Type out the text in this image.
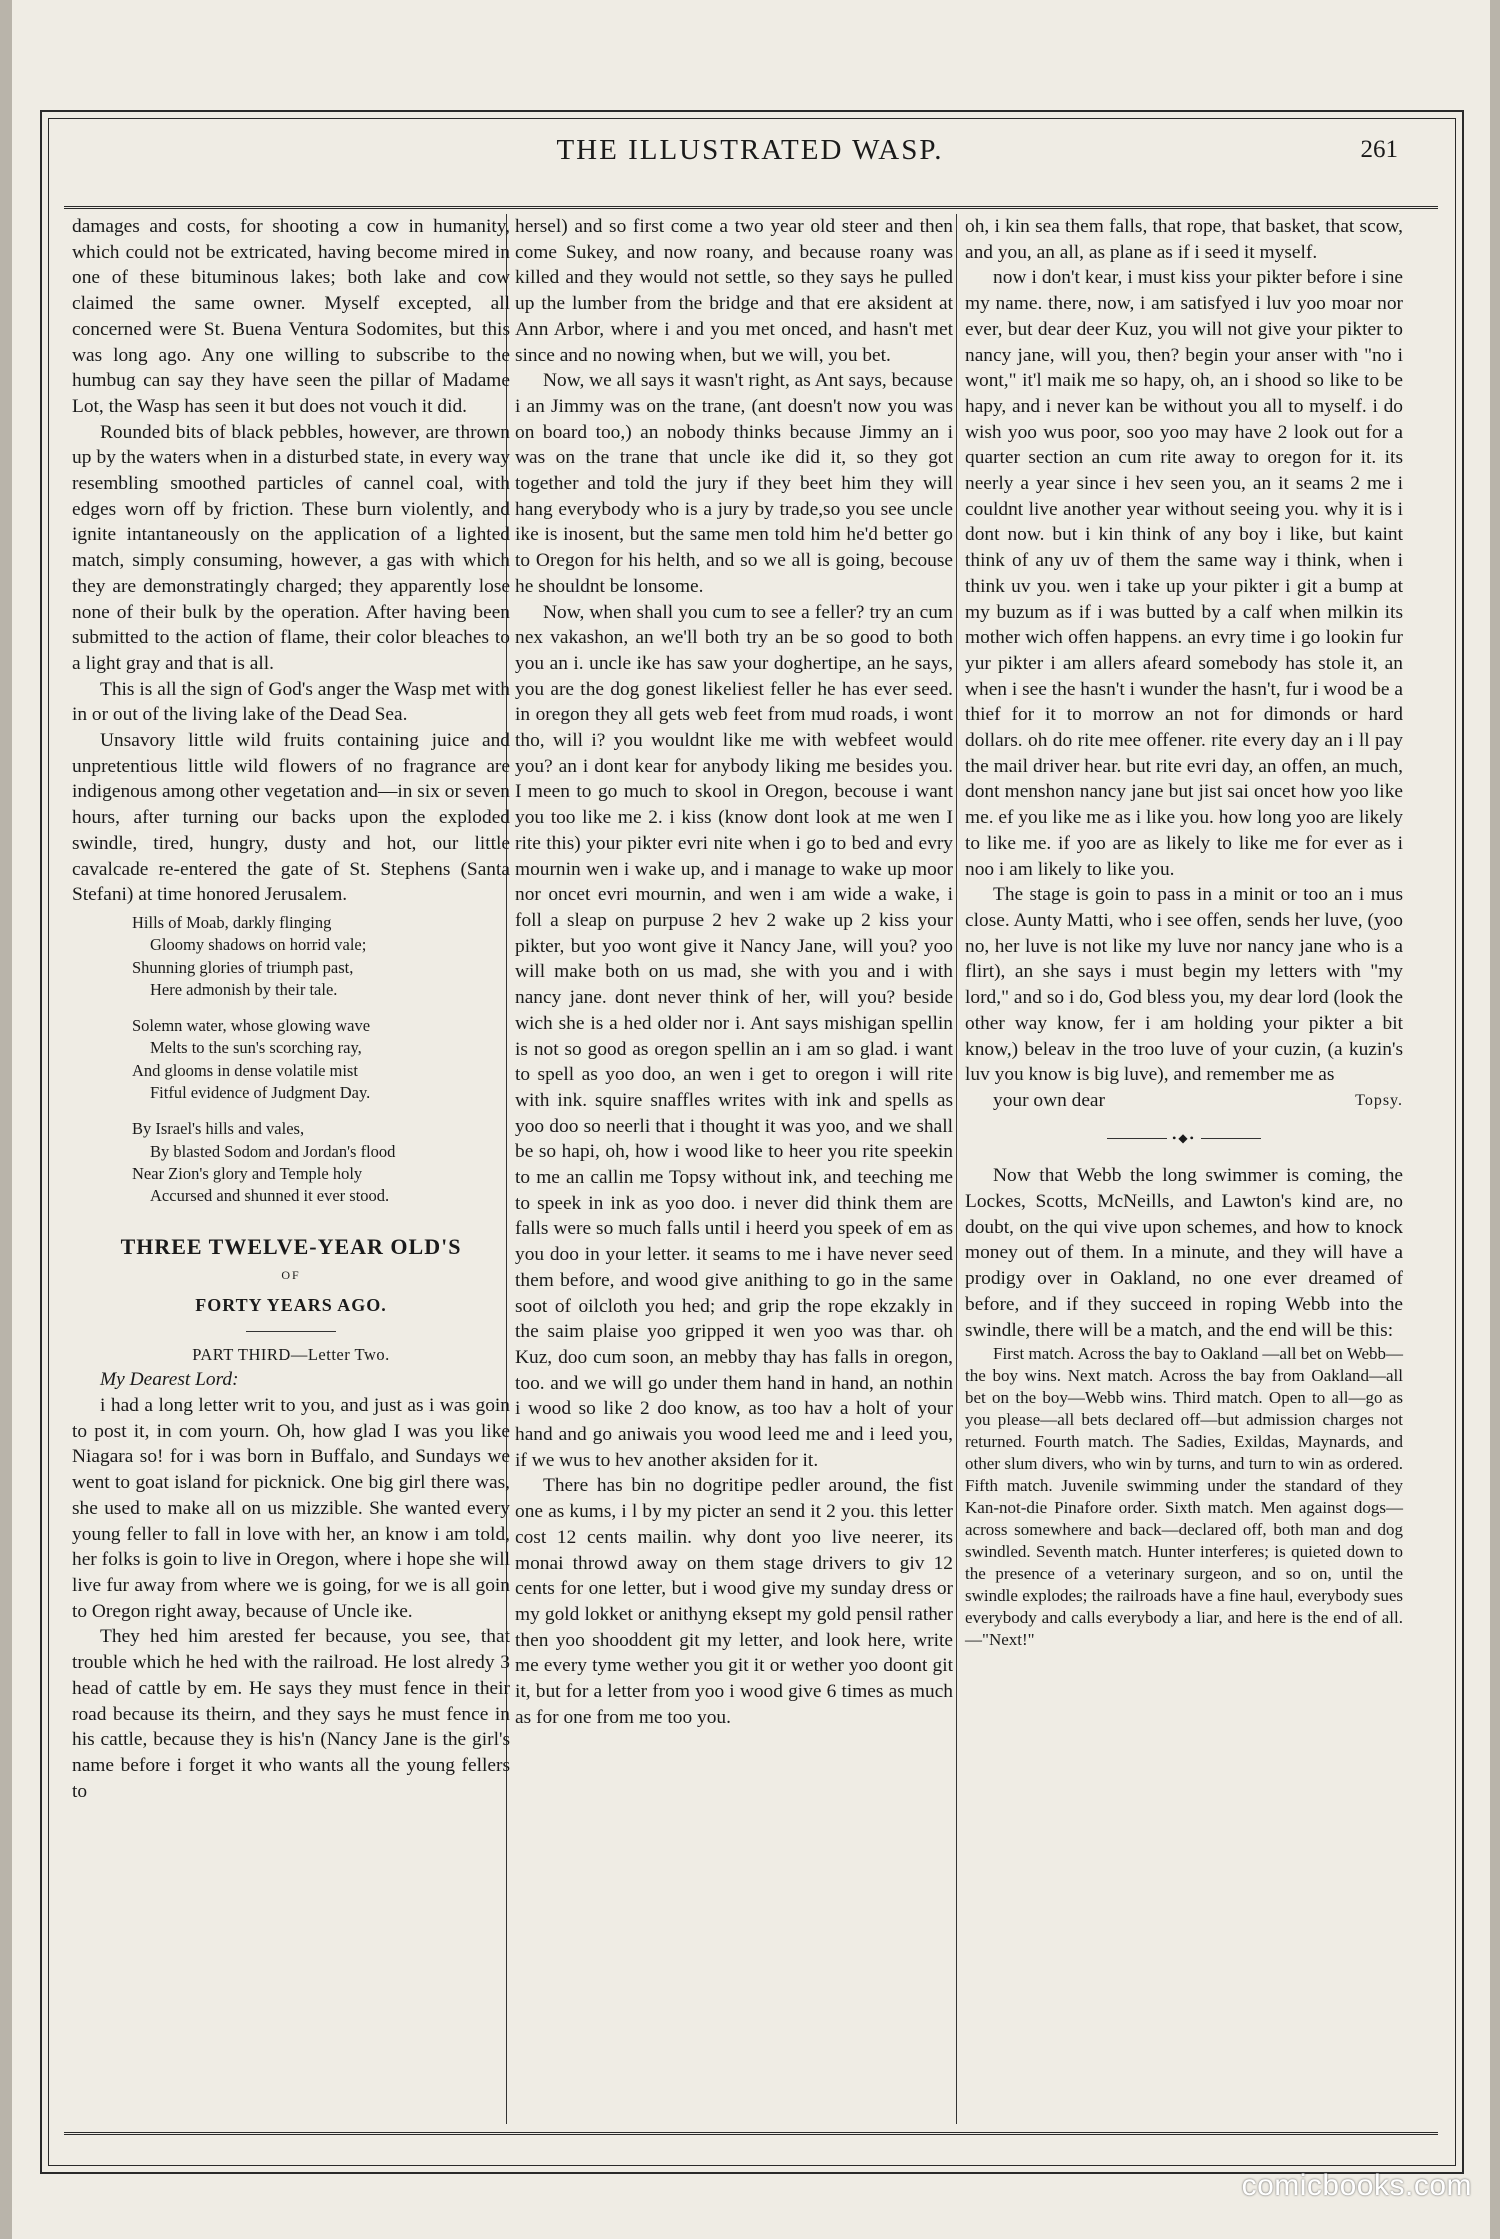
THE ILLUSTRATED WASP.	261

damages and costs, for shooting a cow in humanity, which could not be extricated, having become mired in one of these bituminous lakes; both lake and cow claimed the same owner. Myself excepted, all concerned were St. Buena Ventura Sodomites, but this was long ago. Any one willing to subscribe to the humbug can say they have seen the pillar of Madame Lot, the Wasp has seen it but does not vouch it did.

Rounded bits of black pebbles, however, are thrown up by the waters when in a disturbed state, in every way resembling smoothed particles of cannel coal, with edges worn off by friction. These burn violently, and ignite intantaneously on the application of a lighted match, simply consuming, however, a gas with which they are demonstratingly charged; they apparently lose none of their bulk by the operation. After having been submitted to the action of flame, their color bleaches to a light gray and that is all.

This is all the sign of God's anger the Wasp met with in or out of the living lake of the Dead Sea.

Unsavory little wild fruits containing juice and unpretentious little wild flowers of no fragrance are indigenous among other vegetation and—in six or seven hours, after turning our backs upon the exploded swindle, tired, hungry, dusty and hot, our little cavalcade re-entered the gate of St. Stephens (Santa Stefani) at time honored Jerusalem.

Hills of Moab, darkly flinging
Gloomy shadows on horrid vale;
Shunning glories of triumph past,
Here admonish by their tale.
Solemn water, whose glowing wave
Melts to the sun's scorching ray,
And glooms in dense volatile mist
Fitful evidence of Judgment Day.
By Israel's hills and vales,
By blasted Sodom and Jordan's flood
Near Zion's glory and Temple holy
Accursed and shunned it ever stood.
THREE TWELVE-YEAR OLD'S
OF
FORTY YEARS AGO.
PART THIRD—Letter Two.

My Dearest Lord:

i had a long letter writ to you, and just as i was goin to post it, in com yourn. Oh, how glad I was you like Niagara so! for i was born in Buffalo, and Sundays we went to goat island for picknick. One big girl there was, she used to make all on us mizzible. She wanted every young feller to fall in love with her, an know i am told, her folks is goin to live in Oregon, where i hope she will live fur away from where we is going, for we is all goin to Oregon right away, because of Uncle ike.

They hed him arested fer because, you see, that trouble which he hed with the railroad. He lost alredy 3 head of cattle by em. He says they must fence in their road because its theirn, and they says he must fence in his cattle, because they is his'n (Nancy Jane is the girl's name before i forget it who wants all the young fellers to

hersel) and so first come a two year old steer and then come Sukey, and now roany, and because roany was killed and they would not settle, so they says he pulled up the lumber from the bridge and that ere aksident at Ann Arbor, where i and you met onced, and hasn't met since and no nowing when, but we will, you bet.

Now, we all says it wasn't right, as Ant says, because i an Jimmy was on the trane, (ant doesn't now you was on board too,) an nobody thinks because Jimmy an i was on the trane that uncle ike did it, so they got together and told the jury if they beet him they will hang everybody who is a jury by trade,so you see uncle ike is inosent, but the same men told him he'd better go to Oregon for his helth, and so we all is going, becouse he shouldnt be lonsome.

Now, when shall you cum to see a feller? try an cum nex vakashon, an we'll both try an be so good to both you an i. uncle ike has saw your doghertipe, an he says, you are the dog gonest likeliest feller he has ever seed. in oregon they all gets web feet from mud roads, i wont tho, will i? you wouldnt like me with webfeet would you? an i dont kear for anybody liking me besides you. I meen to go much to skool in Oregon, becouse i want you too like me 2. i kiss (know dont look at me wen I rite this) your pikter evri nite when i go to bed and evry mournin wen i wake up, and i manage to wake up moor nor oncet evri mournin, and wen i am wide a wake, i foll a sleap on purpuse 2 hev 2 wake up 2 kiss your pikter, but yoo wont give it Nancy Jane, will you? yoo will make both on us mad, she with you and i with nancy jane. dont never think of her, will you? beside wich she is a hed older nor i. Ant says mishigan spellin is not so good as oregon spellin an i am so glad. i want to spell as yoo doo, an wen i get to oregon i will rite with ink. squire snaffles writes with ink and spells as yoo doo so neerli that i thought it was yoo, and we shall be so hapi, oh, how i wood like to heer you rite speekin to me an callin me Topsy without ink, and teeching me to speek in ink as yoo doo. i never did think them are falls were so much falls until i heerd you speek of em as you doo in your letter. it seams to me i have never seed them before, and wood give anithing to go in the same soot of oilcloth you hed; and grip the rope ekzakly in the saim plaise yoo gripped it wen yoo was thar. oh Kuz, doo cum soon, an mebby thay has falls in oregon, too. and we will go under them hand in hand, an nothin i wood so like 2 doo know, as too hav a holt of your hand and go aniwais you wood leed me and i leed you, if we wus to hev another aksiden for it.

There has bin no dogritipe pedler around, the fist one as kums, i l by my picter an send it 2 you. this letter cost 12 cents mailin. why dont yoo live neerer, its monai throwd away on them stage drivers to giv 12 cents for one letter, but i wood give my sunday dress or my gold lokket or anithyng eksept my gold pensil rather then yoo shooddent git my letter, and look here, write me every tyme wether you git it or wether yoo doont git it, but for a letter from yoo i wood give 6 times as much as for one from me too you.

oh, i kin sea them falls, that rope, that basket, that scow, and you, an all, as plane as if i seed it myself.

now i don't kear, i must kiss your pikter before i sine my name. there, now, i am satisfyed i luv yoo moar nor ever, but dear deer Kuz, you will not give your pikter to nancy jane, will you, then? begin your anser with "no i wont," it'l maik me so hapy, oh, an i shood so like to be hapy, and i never kan be without you all to myself. i do wish yoo wus poor, soo yoo may have 2 look out for a quarter section an cum rite away to oregon for it. its neerly a year since i hev seen you, an it seams 2 me i couldnt live another year without seeing you. why it is i dont now. but i kin think of any boy i like, but kaint think of any uv of them the same way i think, when i think uv you. wen i take up your pikter i git a bump at my buzum as if i was butted by a calf when milkin its mother wich offen happens. an evry time i go lookin fur yur pikter i am allers afeard somebody has stole it, an when i see the hasn't i wunder the hasn't, fur i wood be a thief for it to morrow an not for dimonds or hard dollars. oh do rite mee offener. rite every day an i ll pay the mail driver hear. but rite evri day, an offen, an much, dont menshon nancy jane but jist sai oncet how yoo like me. ef you like me as i like you. how long yoo are likely to like me. if yoo are as likely to like me for ever as i noo i am likely to like you.

The stage is goin to pass in a minit or too an i mus close. Aunty Matti, who i see offen, sends her luve, (yoo no, her luve is not like my luve nor nancy jane who is a flirt), an she says i must begin my letters with "my lord," and so i do, God bless you, my dear lord (look the other way know, fer i am holding your pikter a bit know,) beleav in the troo luve of your cuzin, (a kuzin's luv you know is big luve), and remember me as

your own dear	Topsy.

•◆•

Now that Webb the long swimmer is coming, the Lockes, Scotts, McNeills, and Lawton's kind are, no doubt, on the qui vive upon schemes, and how to knock money out of them. In a minute, and they will have a prodigy over in Oakland, no one ever dreamed of before, and if they succeed in roping Webb into the swindle, there will be a match, and the end will be this:

First match. Across the bay to Oakland —all bet on Webb—the boy wins. Next match. Across the bay from Oakland—all bet on the boy—Webb wins. Third match. Open to all—go as you please—all bets declared off—but admission charges not returned. Fourth match. The Sadies, Exildas, Maynards, and other slum divers, who win by turns, and turn to win as ordered. Fifth match. Juvenile swimming under the standard of they Kan-not-die Pinafore order. Sixth match. Men against dogs—across somewhere and back—declared off, both man and dog swindled. Seventh match. Hunter interferes; is quieted down to the presence of a veterinary surgeon, and so on, until the swindle explodes; the railroads have a fine haul, everybody sues everybody and calls everybody a liar, and here is the end of all.—"Next!"

comicbooks.com
